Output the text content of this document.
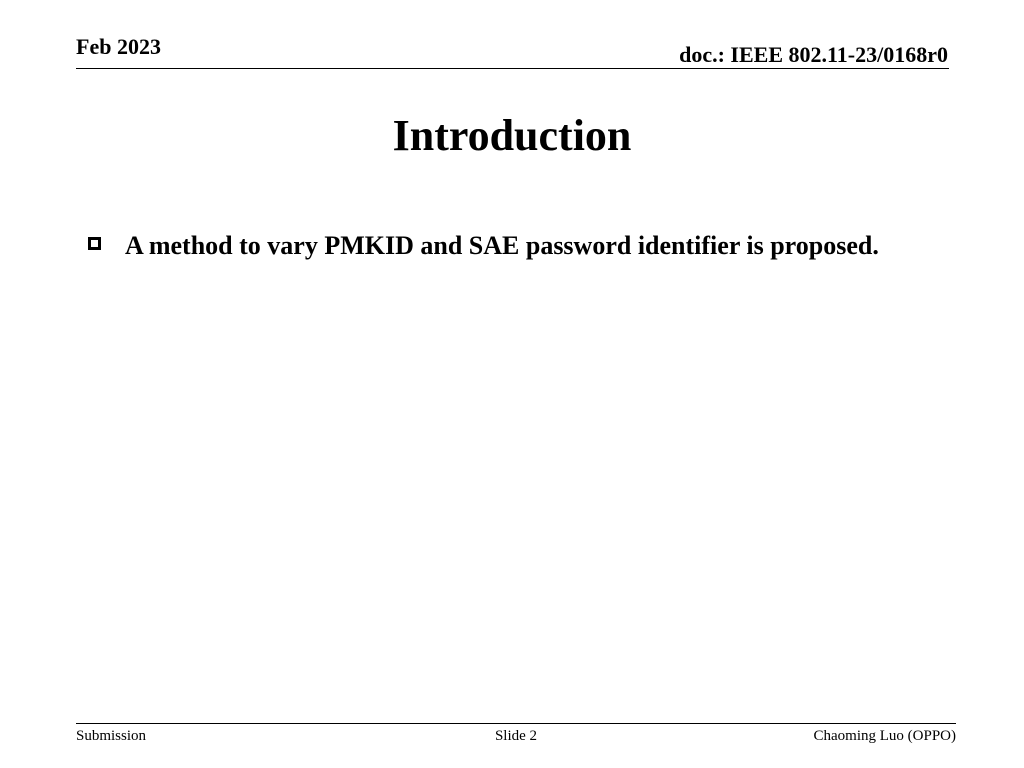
Feb 2023	doc.: IEEE 802.11-23/0168r0
Introduction
A method to vary PMKID and SAE password identifier is proposed.
Submission	Slide 2	Chaoming Luo (OPPO)
